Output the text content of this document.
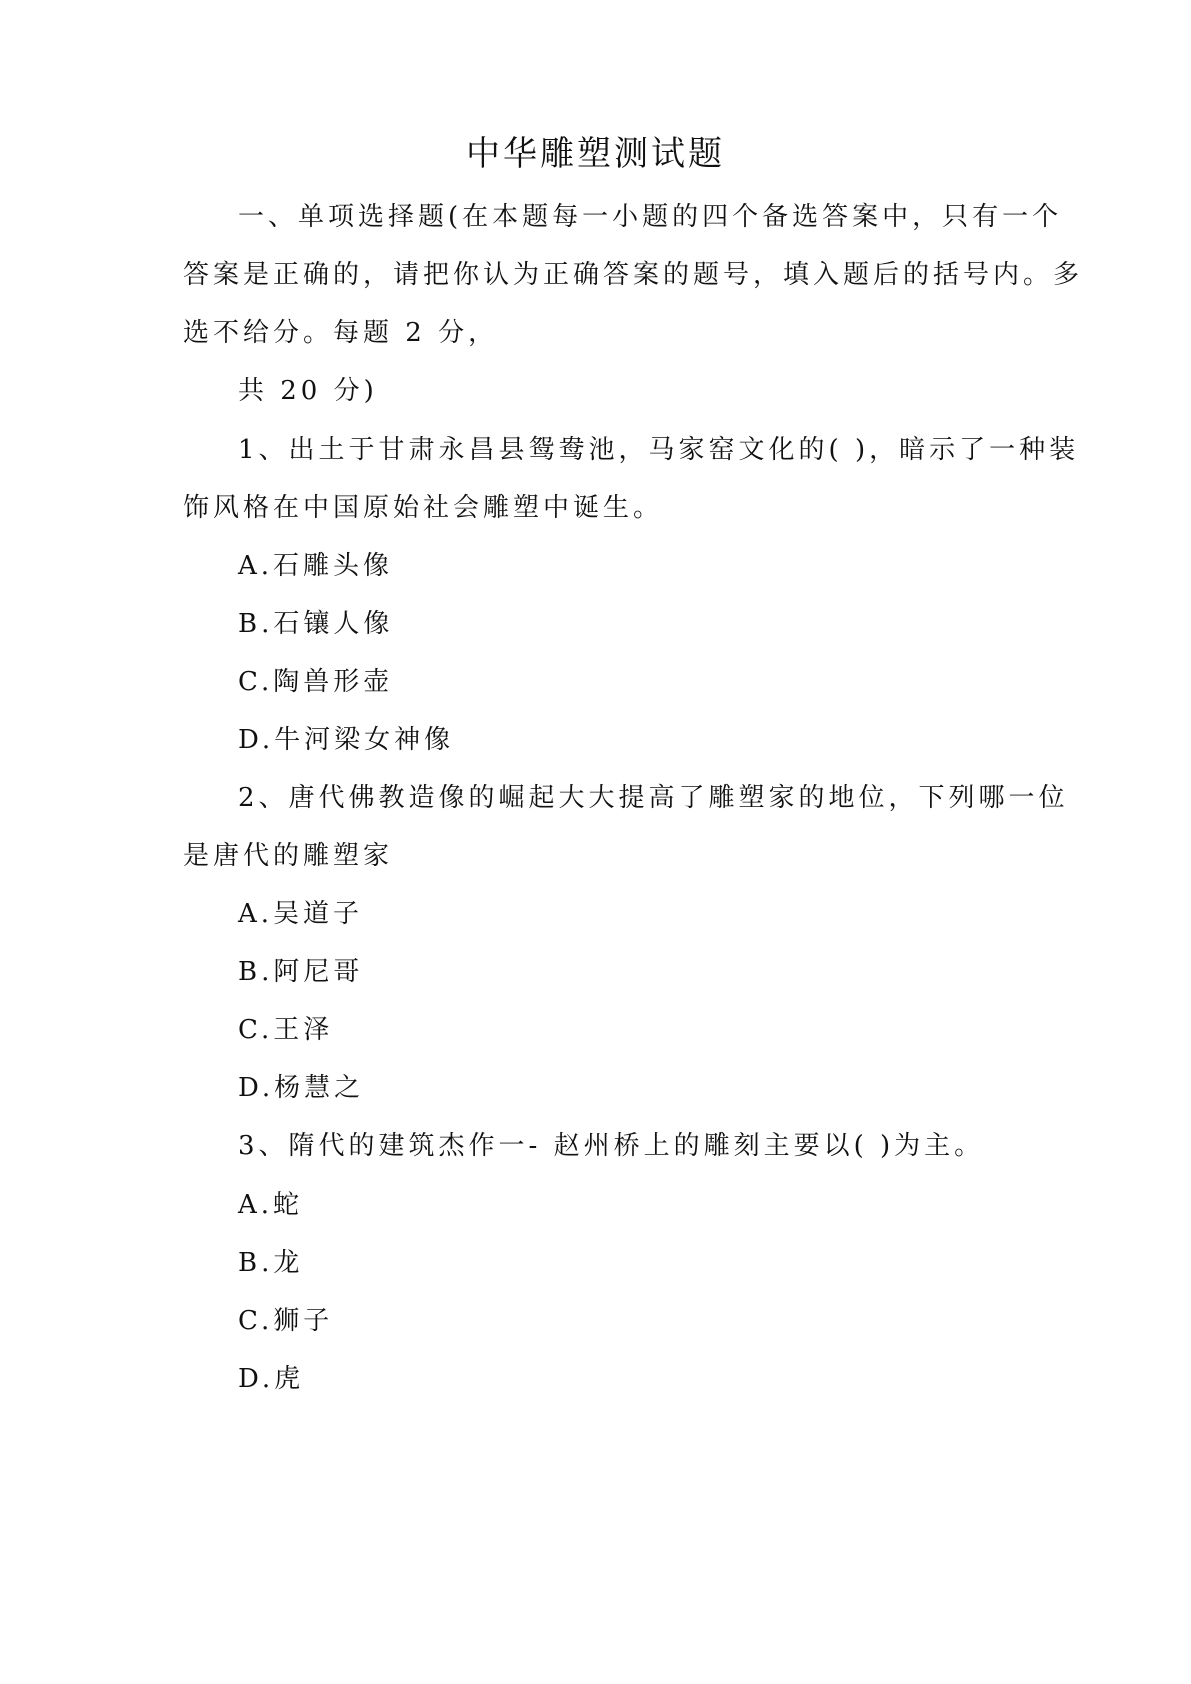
中华雕塑测试题
一、单项选择题(在本题每一小题的四个备选答案中，只有一个
答案是正确的，请把你认为正确答案的题号，填入题后的括号内。多
选不给分。每题 2 分，
共 20 分)
1、出土于甘肃永昌县鸳鸯池，马家窑文化的( )，暗示了一种装
饰风格在中国原始社会雕塑中诞生。
A.石雕头像
B.石镶人像
C.陶兽形壶
D.牛河梁女神像
2、唐代佛教造像的崛起大大提高了雕塑家的地位，下列哪一位
是唐代的雕塑家
A.吴道子
B.阿尼哥
C.王泽
D.杨慧之
3、隋代的建筑杰作一- 赵州桥上的雕刻主要以( )为主。
A.蛇
B.龙
C.狮子
D.虎
